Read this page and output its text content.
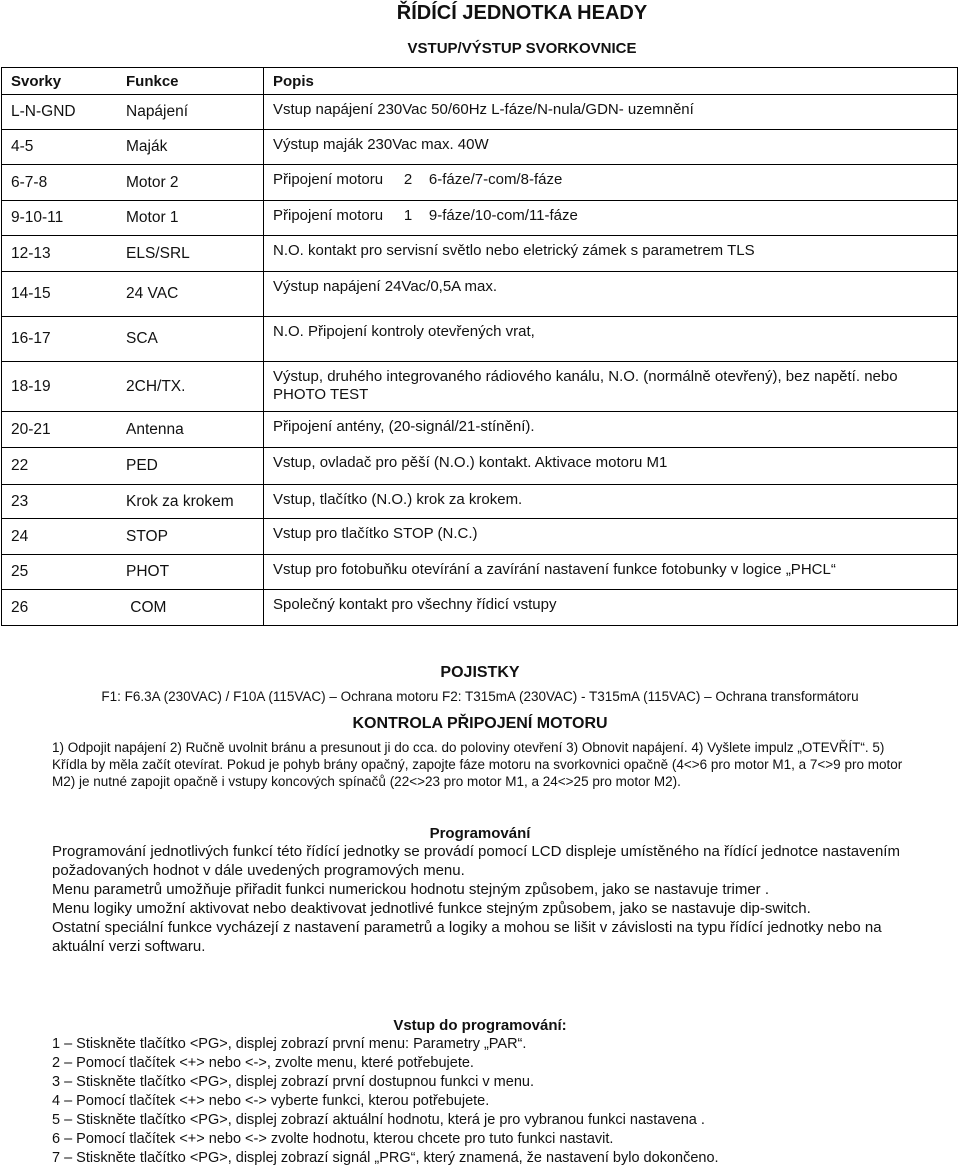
ŘÍDÍCÍ JEDNOTKA HEADY
VSTUP/VÝSTUP SVORKOVNICE
Svorky	Funkce	Popis
L-N-GND	Napájení	Vstup napájení 230Vac 50/60Hz L-fáze/N-nula/GDN- uzemnění
4-5	Maják	Výstup maják 230Vac max. 40W
6-7-8	Motor 2	Připojení motoru     2    6-fáze/7-com/8-fáze
9-10-11	Motor 1	Připojení motoru     1    9-fáze/10-com/11-fáze
12-13	ELS/SRL	N.O. kontakt pro servisní světlo nebo eletrický zámek s parametrem TLS
14-15	24 VAC	Výstup napájení 24Vac/0,5A max.
16-17	SCA	N.O. Připojení kontroly otevřených vrat,
18-19	2CH/TX.	Výstup, druhého integrovaného rádiového kanálu, N.O. (normálně otevřený), bez napětí. nebo PHOTO TEST
20-21	Antenna	Připojení antény, (20-signál/21-stínění).
22	PED	Vstup, ovladač pro pěší (N.O.) kontakt. Aktivace motoru M1
23	Krok za krokem	Vstup, tlačítko (N.O.) krok za krokem.
24	STOP	Vstup pro tlačítko STOP (N.C.)
25	PHOT	Vstup pro fotobuňku otevírání a zavírání nastavení funkce fotobunky v logice „PHCL“
26	COM	Společný kontakt pro všechny řídicí vstupy
POJISTKY
F1: F6.3A (230VAC) / F10A (115VAC) – Ochrana motoru F2: T315mA (230VAC) - T315mA (115VAC) – Ochrana transformátoru
KONTROLA PŘIPOJENÍ MOTORU
1) Odpojit napájení 2) Ručně uvolnit bránu a presunout ji do cca. do poloviny otevření 3) Obnovit napájení. 4) Vyšlete impulz „OTEVŘÍT“. 5) Křídla by měla začít otevírat. Pokud je pohyb brány opačný, zapojte fáze motoru na svorkovnici opačně (4<>6 pro motor M1, a 7<>9 pro motor M2) je nutné zapojit opačně i vstupy koncových spínačů (22<>23 pro motor M1, a 24<>25 pro motor M2).
Programování
Programování jednotlivých funkcí této řídící jednotky se provádí pomocí LCD displeje umístěného na řídící jednotce nastavením požadovaných hodnot v dále uvedených programových menu.
Menu parametrů umožňuje přiřadit funkci numerickou hodnotu stejným způsobem, jako se nastavuje trimer .
Menu logiky umožní aktivovat nebo deaktivovat jednotlivé funkce stejným způsobem, jako se nastavuje dip-switch.
Ostatní speciální funkce vycházejí z nastavení parametrů a logiky a mohou se lišit v závislosti na typu řídící jednotky nebo na aktuální verzi softwaru.
Vstup do programování:
1 – Stiskněte tlačítko <PG>, displej zobrazí první menu: Parametry „PAR“.
2 – Pomocí tlačítek <+> nebo <->, zvolte menu, které potřebujete.
3 – Stiskněte tlačítko <PG>, displej zobrazí první dostupnou funkci v menu.
4 – Pomocí tlačítek <+> nebo <-> vyberte funkci, kterou potřebujete.
5 – Stiskněte tlačítko <PG>, displej zobrazí aktuální hodnotu, která je pro vybranou funkci nastavena .
6 – Pomocí tlačítek <+> nebo <-> zvolte hodnotu, kterou chcete pro tuto funkci nastavit.
7 – Stiskněte tlačítko <PG>, displej zobrazí signál „PRG“, který znamená, že nastavení bylo dokončeno.
